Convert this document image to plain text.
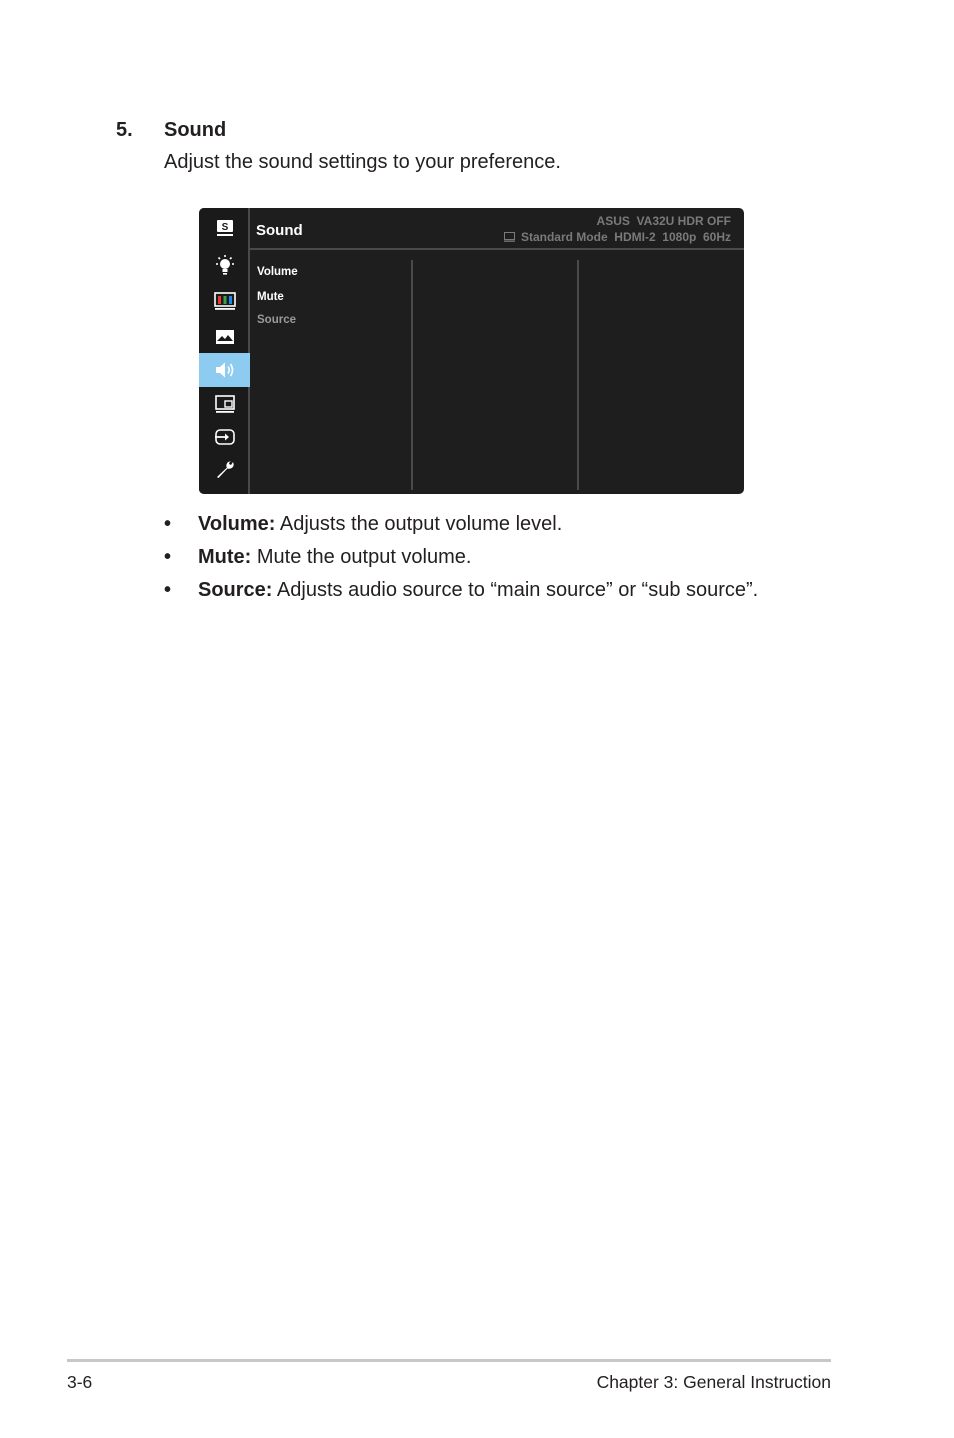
5. Sound
Adjust the sound settings to your preference.
S Sound
ASUS  VA32U HDR OFF
Standard Mode  HDMI-2  1080p  60Hz
Volume
Mute
Source
• Volume: Adjusts the output volume level.
• Mute: Mute the output volume.
• Source: Adjusts audio source to “main source” or “sub source”.
3-6	Chapter 3: General Instruction
